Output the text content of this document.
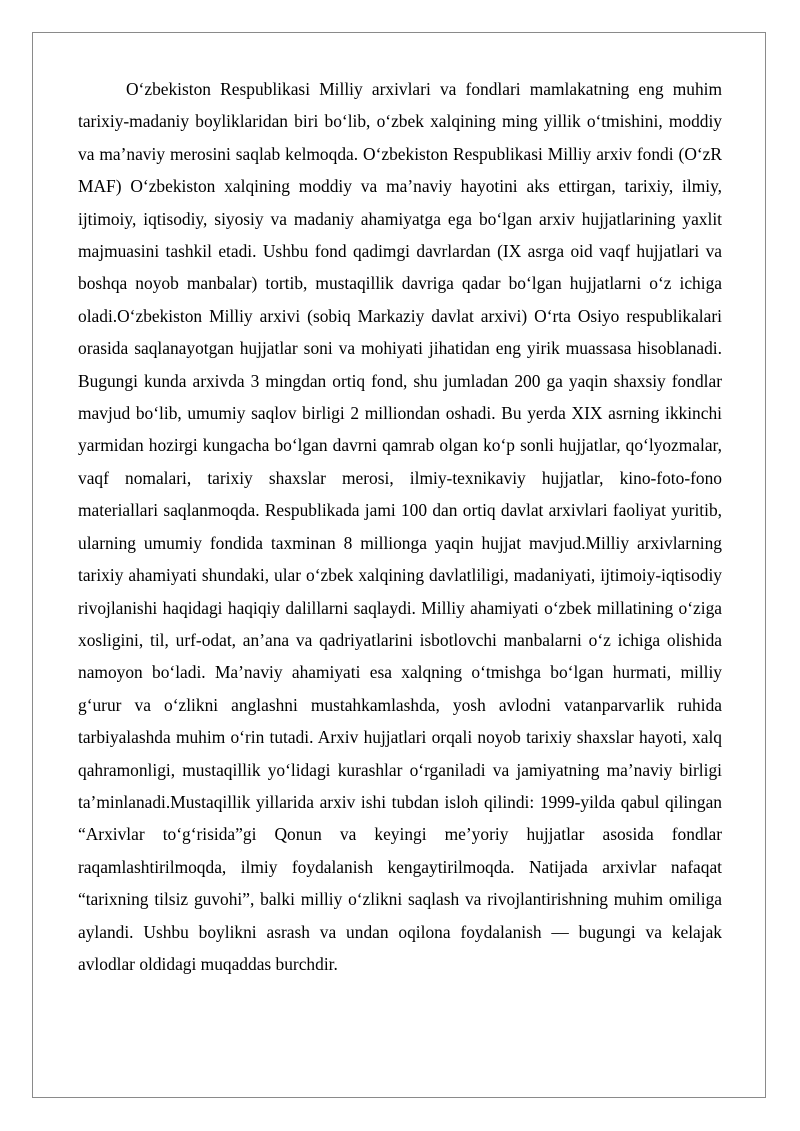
O‘zbekiston Respublikasi Milliy arxivlari va fondlari mamlakatning eng muhim tarixiy-madaniy boyliklaridan biri bo‘lib, o‘zbek xalqining ming yillik o‘tmishini, moddiy va ma’naviy merosini saqlab kelmoqda. O‘zbekiston Respublikasi Milliy arxiv fondi (O‘zR MAF) O‘zbekiston xalqining moddiy va ma’naviy hayotini aks ettirgan, tarixiy, ilmiy, ijtimoiy, iqtisodiy, siyosiy va madaniy ahamiyatga ega bo‘lgan arxiv hujjatlarining yaxlit majmuasini tashkil etadi. Ushbu fond qadimgi davrlardan (IX asrga oid vaqf hujjatlari va boshqa noyob manbalar) tortib, mustaqillik davriga qadar bo‘lgan hujjatlarni o‘z ichiga oladi.O‘zbekiston Milliy arxivi (sobiq Markaziy davlat arxivi) O‘rta Osiyo respublikalari orasida saqlanayotgan hujjatlar soni va mohiyati jihatidan eng yirik muassasa hisoblanadi. Bugungi kunda arxivda 3 mingdan ortiq fond, shu jumladan 200 ga yaqin shaxsiy fondlar mavjud bo‘lib, umumiy saqlov birligi 2 milliondan oshadi. Bu yerda XIX asrning ikkinchi yarmidan hozirgi kungacha bo‘lgan davrni qamrab olgan ko‘p sonli hujjatlar, qo‘lyozmalar, vaqf nomalari, tarixiy shaxslar merosi, ilmiy-texnikaviy hujjatlar, kino-foto-fono materiallari saqlanmoqda. Respublikada jami 100 dan ortiq davlat arxivlari faoliyat yuritib, ularning umumiy fondida taxminan 8 millionga yaqin hujjat mavjud.Milliy arxivlarning tarixiy ahamiyati shundaki, ular o‘zbek xalqining davlatliligi, madaniyati, ijtimoiy-iqtisodiy rivojlanishi haqidagi haqiqiy dalillarni saqlaydi. Milliy ahamiyati o‘zbek millatining o‘ziga xosligini, til, urf-odat, an’ana va qadriyatlarini isbotlovchi manbalarni o‘z ichiga olishida namoyon bo‘ladi. Ma’naviy ahamiyati esa xalqning o‘tmishga bo‘lgan hurmati, milliy g‘urur va o‘zlikni anglashni mustahkamlashda, yosh avlodni vatanparvarlik ruhida tarbiyalashda muhim o‘rin tutadi. Arxiv hujjatlari orqali noyob tarixiy shaxslar hayoti, xalq qahramonligi, mustaqillik yo‘lidagi kurashlar o‘rganiladi va jamiyatning ma’naviy birligi ta’minlanadi.Mustaqillik yillarida arxiv ishi tubdan isloh qilindi: 1999-yilda qabul qilingan “Arxivlar to‘g‘risida”gi Qonun va keyingi me’yoriy hujjatlar asosida fondlar raqamlashtirilmoqda, ilmiy foydalanish kengaytirilmoqda. Natijada arxivlar nafaqat “tarixning tilsiz guvohi”, balki milliy o‘zlikni saqlash va rivojlantirishning muhim omiliga aylandi. Ushbu boylikni asrash va undan oqilona foydalanish — bugungi va kelajak avlodlar oldidagi muqaddas burchdir.
